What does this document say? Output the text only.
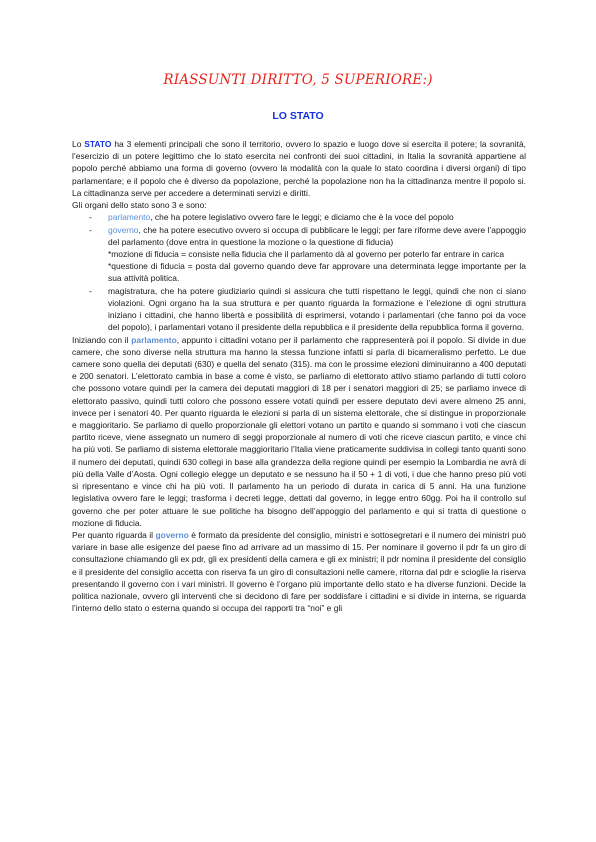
RIASSUNTI DIRITTO, 5 SUPERIORE:)
LO STATO

Lo STATO ha 3 elementi principali che sono il territorio, ovvero lo spazio e luogo dove si esercita il potere; la sovranità, l’esercizio di un potere legittimo che lo stato esercita nei confronti dei suoi cittadini, in Italia la sovranità appartiene al popolo perché abbiamo una forma di governo (ovvero la modalità con la quale lo stato coordina i diversi organi) di tipo parlamentare; e il popolo che è diverso da popolazione, perché la popolazione non ha la cittadinanza mentre il popolo si. La cittadinanza serve per accedere a determinati servizi e diritti.

Gli organi dello stato sono 3 e sono:

- parlamento, che ha potere legislativo ovvero fare le leggi; e diciamo che è la voce del popolo
- governo, che ha potere esecutivo ovvero si occupa di pubblicare le leggi; per fare riforme deve avere l’appoggio del parlamento (dove entra in questione la mozione o la questione di fiducia)
*mozione di fiducia = consiste nella fiducia che il parlamento dà al governo per poterlo far entrare in carica
*questione di fiducia = posta dal governo quando deve far approvare una determinata legge importante per la sua attività politica.
- magistratura, che ha potere giudiziario quindi si assicura che tutti rispettano le leggi, quindi che non ci siano violazioni. Ogni organo ha la sua struttura e per quanto riguarda la formazione e l’elezione di ogni struttura iniziano i cittadini, che hanno libertà e possibilità di esprimersi, votando i parlamentari (che fanno poi da voce del popolo), i parlamentari votano il presidente della repubblica e il presidente della repubblica forma il governo.

Iniziando con il parlamento, appunto i cittadini votano per il parlamento che rappresenterà poi il popolo. Si divide in due camere, che sono diverse nella struttura ma hanno la stessa funzione infatti si parla di bicameralismo perfetto. Le due camere sono quella dei deputati (630) e quella del senato (315). ma con le prossime elezioni diminuiranno a 400 deputati e 200 senatori. L’elettorato cambia in base a come è visto, se parliamo di elettorato attivo stiamo parlando di tutti coloro che possono votare quindi per la camera dei deputati maggiori di 18 per i senatori maggiori di 25; se parliamo invece di elettorato passivo, quindi tutti coloro che possono essere votati quindi per essere deputato devi avere almeno 25 anni, invece per i senatori 40. Per quanto riguarda le elezioni si parla di un sistema elettorale, che si distingue in proporzionale e maggioritario. Se parliamo di quello proporzionale gli elettori votano un partito e quando si sommano i voti che ciascun partito riceve, viene assegnato un numero di seggi proporzionale al numero di voti che riceve ciascun partito, e vince chi ha più voti. Se parliamo di sistema elettorale maggioritario l’Italia viene praticamente suddivisa in collegi tanto quanti sono il numero dei deputati, quindi 630 collegi in base alla grandezza della regione quindi per esempio la Lombardia ne avrà di più della Valle d’Aosta. Ogni collegio elegge un deputato e se nessuno ha il 50 + 1 di voti, i due che hanno preso più voti si ripresentano e vince chi ha più voti. Il parlamento ha un periodo di durata in carica di 5 anni. Ha una funzione legislativa ovvero fare le leggi; trasforma i decreti legge, dettati dal governo, in legge entro 60gg. Poi ha il controllo sul governo che per poter attuare le sue politiche ha bisogno dell’appoggio del parlamento e qui si tratta di questione o mozione di fiducia.

Per quanto riguarda il governo è formato da presidente del consiglio, ministri e sottosegretari e il numero dei ministri può variare in base alle esigenze del paese fino ad arrivare ad un massimo di 15. Per nominare il governo il pdr fa un giro di consultazione chiamando gli ex pdr, gli ex presidenti della camera e gli ex ministri; il pdr nomina il presidente del consiglio e il presidente del consiglio accetta con riserva fa un giro di consultazioni nelle camere, ritorna dal pdr e scioglie la riserva presentando il governo con i vari ministri. Il governo è l’organo più importante dello stato e ha diverse funzioni. Decide la politica nazionale, ovvero gli interventi che si decidono di fare per soddisfare i cittadini e si divide in interna, se riguarda l’interno dello stato o esterna quando si occupa dei rapporti tra “noi” e gli
